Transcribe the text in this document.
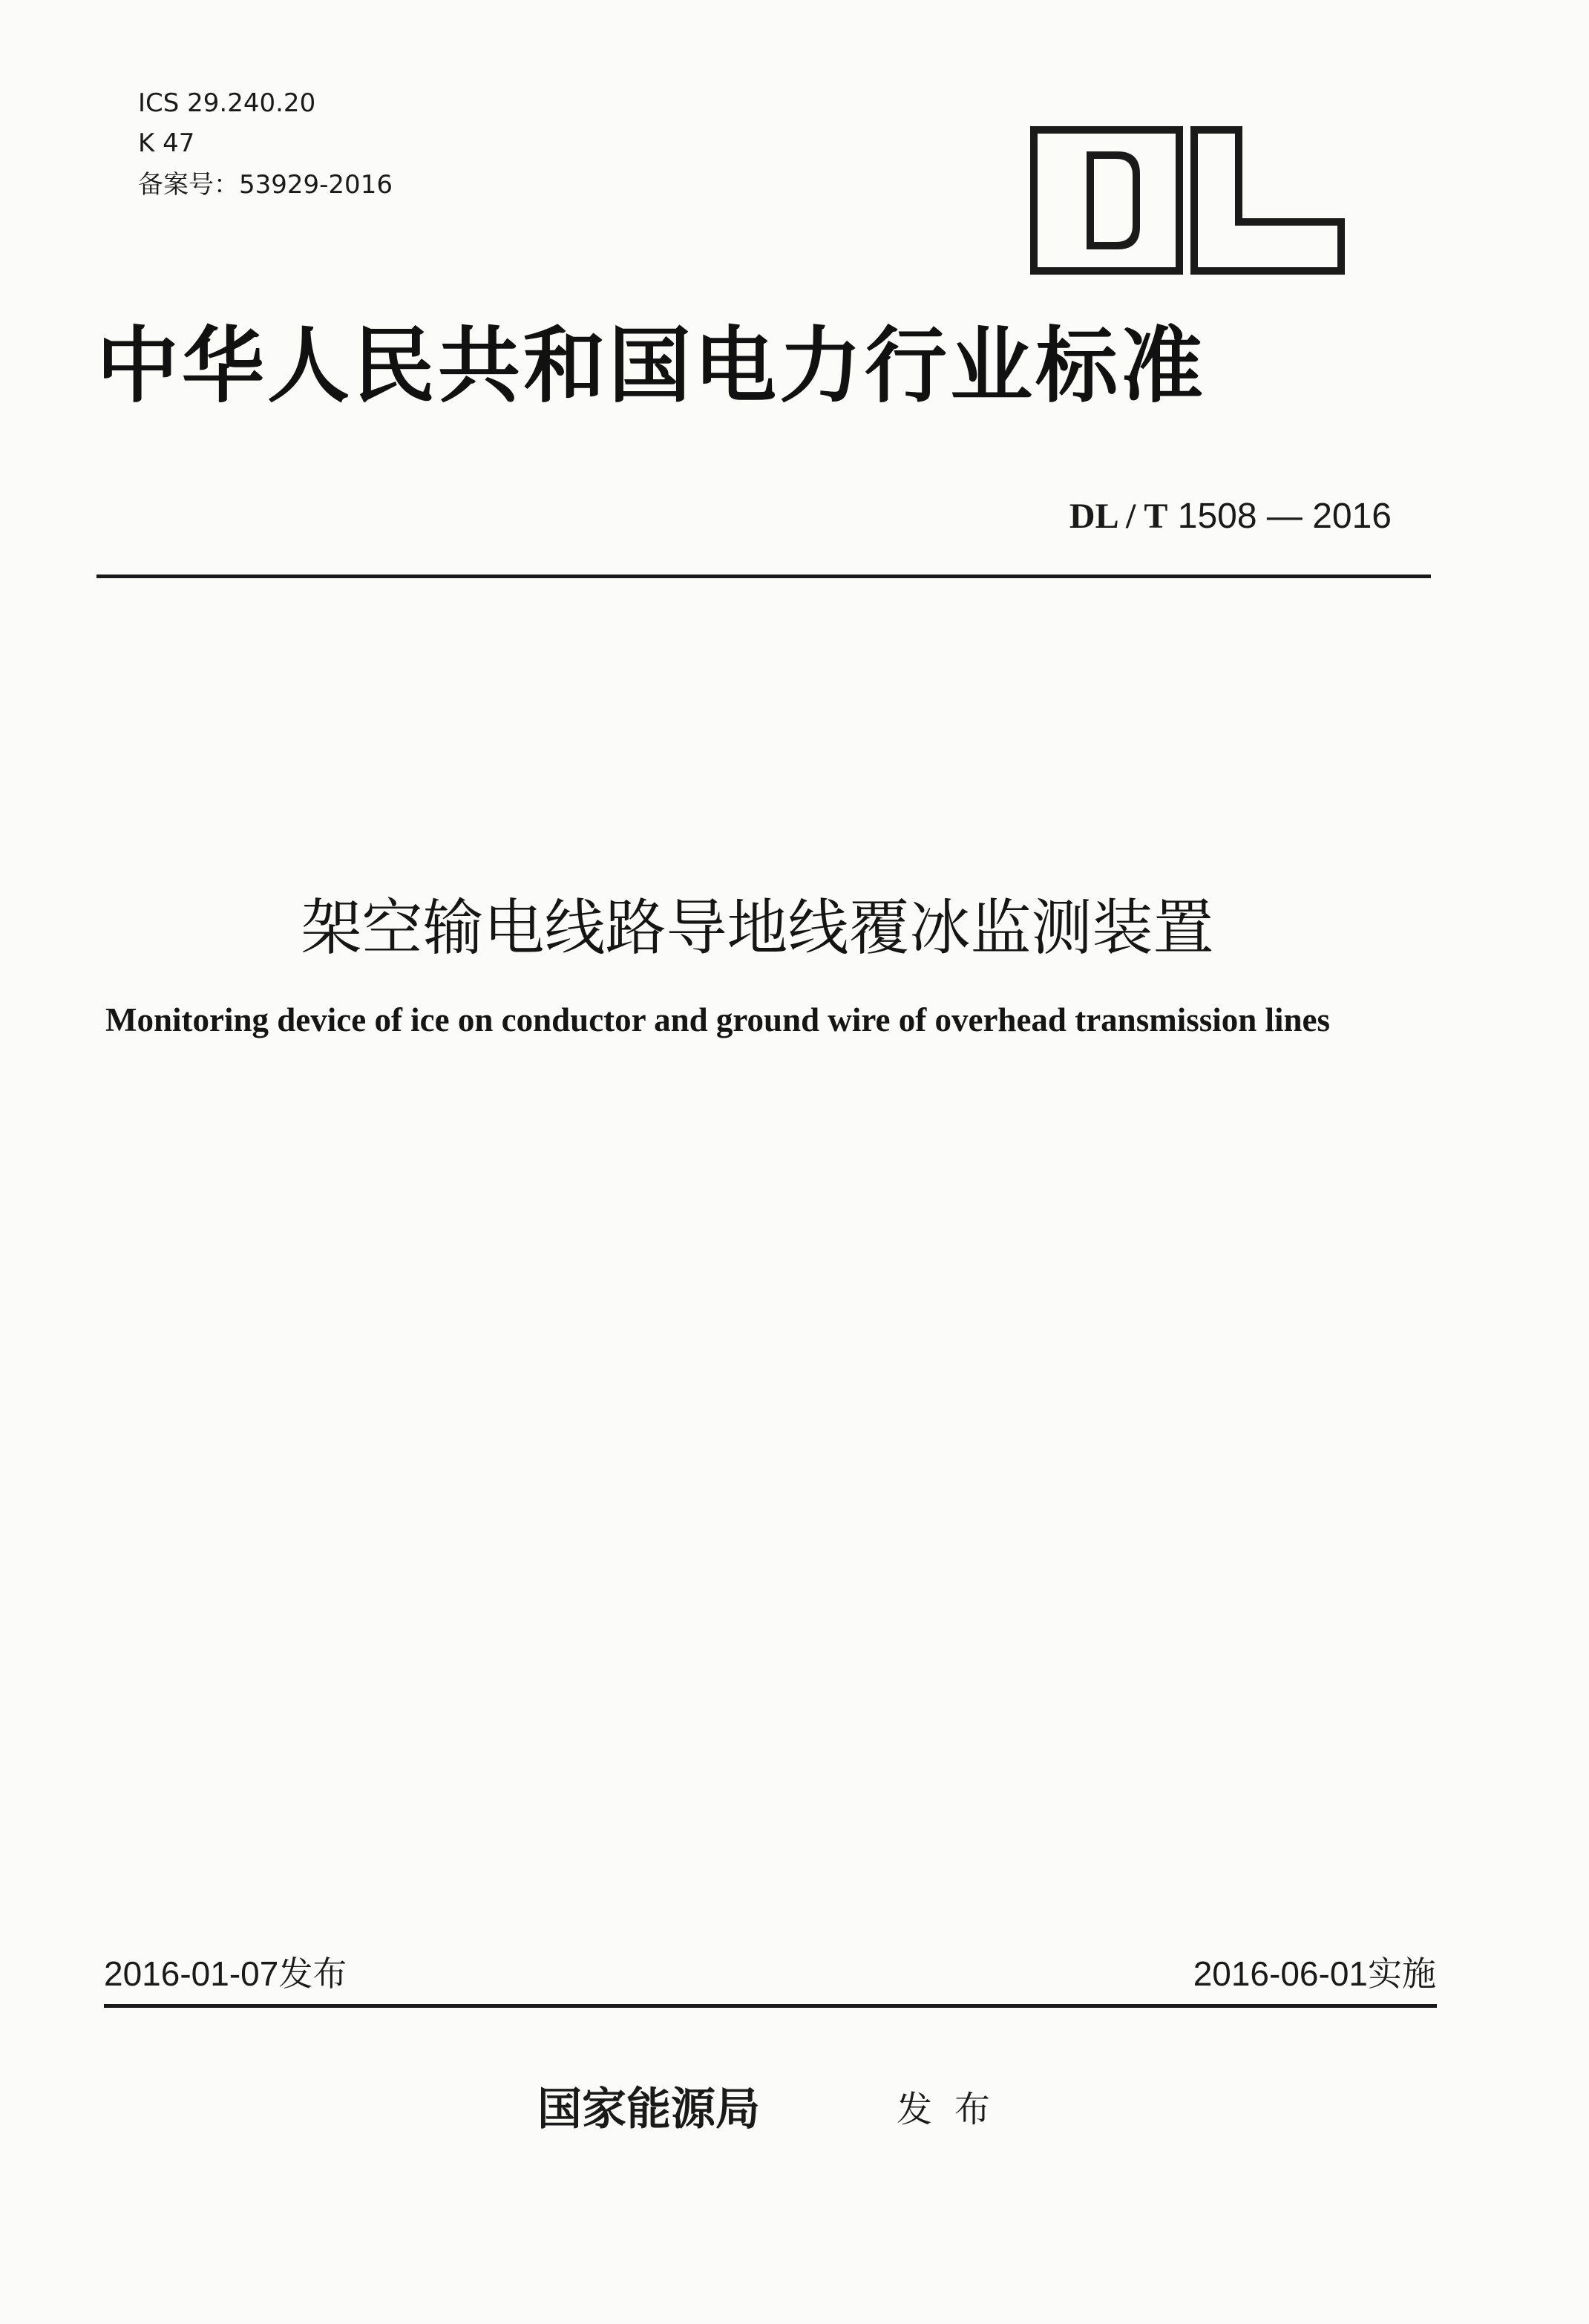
ICS 29.240.20
K 47
备案号：53929-2016
中华人民共和国电力行业标准
DL / T 1508 — 2016
架空输电线路导地线覆冰监测装置
Monitoring device of ice on conductor and ground wire of overhead transmission lines
2016-01-07发布	2016-06-01实施
国家能源局	发布
